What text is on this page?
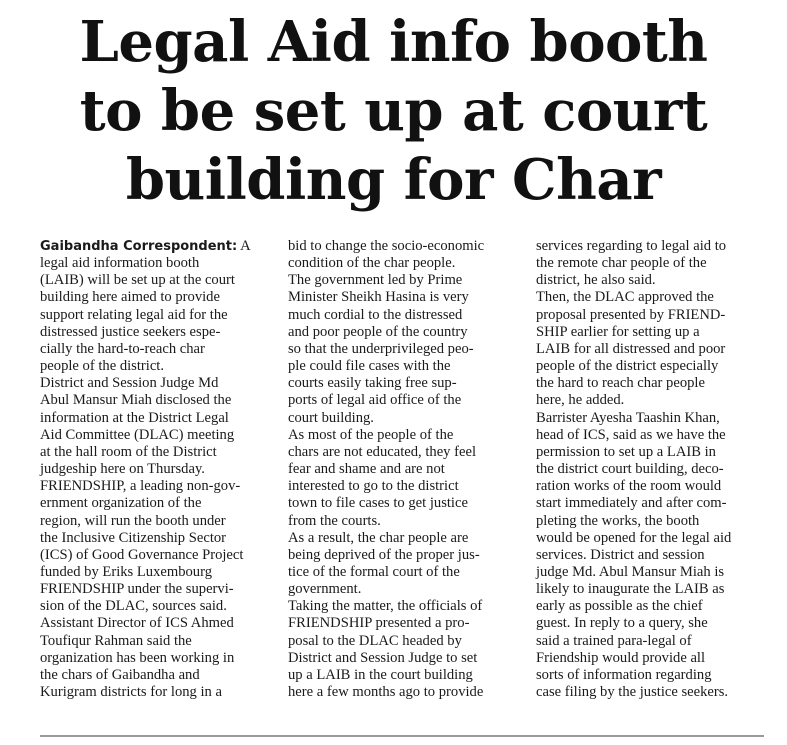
Legal Aid info booth
to be set up at court
building for Char
Gaibandha Correspondent: A
legal aid information booth
(LAIB) will be set up at the court
building here aimed to provide
support relating legal aid for the
distressed justice seekers espe-
cially the hard-to-reach char
people of the district.
District and Session Judge Md
Abul Mansur Miah disclosed the
information at the District Legal
Aid Committee (DLAC) meeting
at the hall room of the District
judgeship here on Thursday.
FRIENDSHIP, a leading non-gov-
ernment organization of the
region, will run the booth under
the Inclusive Citizenship Sector
(ICS) of Good Governance Project
funded by Eriks Luxembourg
FRIENDSHIP under the supervi-
sion of the DLAC, sources said.
Assistant Director of ICS Ahmed
Toufiqur Rahman said the
organization has been working in
the chars of Gaibandha and
Kurigram districts for long in a
bid to change the socio-economic
condition of the char people.
The government led by Prime
Minister Sheikh Hasina is very
much cordial to the distressed
and poor people of the country
so that the underprivileged peo-
ple could file cases with the
courts easily taking free sup-
ports of legal aid office of the
court building.
As most of the people of the
chars are not educated, they feel
fear and shame and are not
interested to go to the district
town to file cases to get justice
from the courts.
As a result, the char people are
being deprived of the proper jus-
tice of the formal court of the
government.
Taking the matter, the officials of
FRIENDSHIP presented a pro-
posal to the DLAC headed by
District and Session Judge to set
up a LAIB in the court building
here a few months ago to provide
services regarding to legal aid to
the remote char people of the
district, he also said.
Then, the DLAC approved the
proposal presented by FRIEND-
SHIP earlier for setting up a
LAIB for all distressed and poor
people of the district especially
the hard to reach char people
here, he added.
Barrister Ayesha Taashin Khan,
head of ICS, said as we have the
permission to set up a LAIB in
the district court building, deco-
ration works of the room would
start immediately and after com-
pleting the works, the booth
would be opened for the legal aid
services. District and session
judge Md. Abul Mansur Miah is
likely to inaugurate the LAIB as
early as possible as the chief
guest. In reply to a query, she
said a trained para-legal of
Friendship would provide all
sorts of information regarding
case filing by the justice seekers.
